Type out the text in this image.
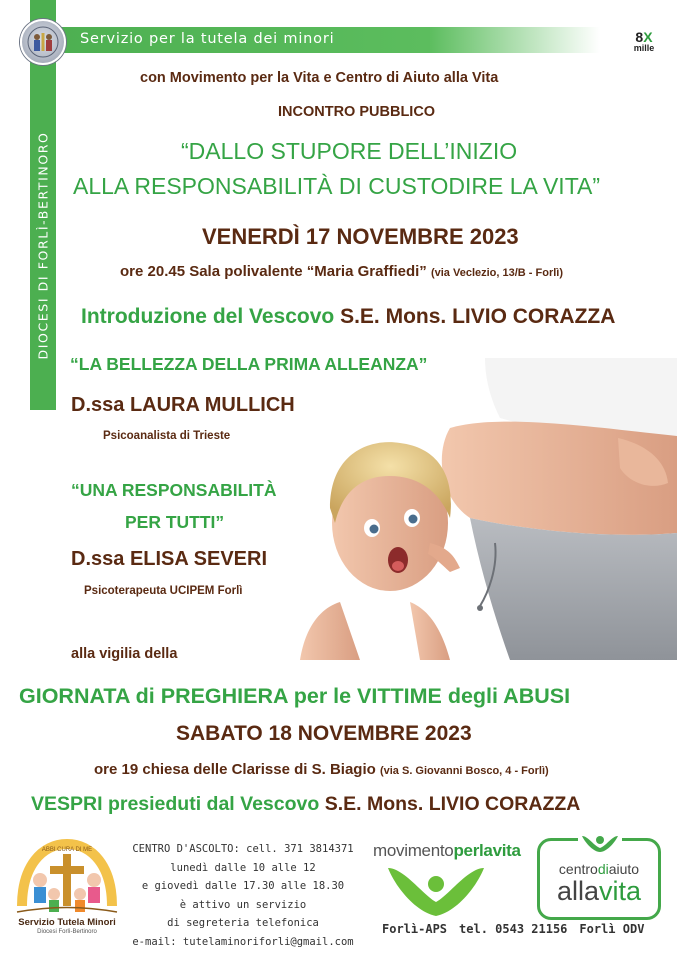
Servizio per la tutela dei minori
DIOCESI DI FORLÌ-BERTINORO
8X
mille
con Movimento per la Vita e Centro di Aiuto alla Vita
INCONTRO PUBBLICO
“DALLO STUPORE DELL’INIZIO
ALLA RESPONSABILITÀ DI CUSTODIRE LA VITA”
VENERDÌ 17 NOVEMBRE 2023
ore 20.45 Sala polivalente “Maria Graffiedi” (via Veclezio, 13/B - Forlì)
Introduzione del Vescovo S.E. Mons. LIVIO CORAZZA
“LA BELLEZZA DELLA PRIMA ALLEANZA”
D.ssa LAURA MULLICH
Psicoanalista di Trieste
“UNA RESPONSABILITÀ
PER TUTTI”
D.ssa ELISA SEVERI
Psicoterapeuta UCIPEM Forlì
alla vigilia della
GIORNATA di PREGHIERA per le VITTIME degli ABUSI
SABATO 18 NOVEMBRE 2023
ore 19 chiesa delle Clarisse di S. Biagio (via S. Giovanni Bosco, 4 - Forlì)
VESPRI presieduti dal Vescovo S.E. Mons. LIVIO CORAZZA
ABBI CURA DI ME
Servizio Tutela Minori
Diocesi Forlì-Bertinoro
CENTRO D'ASCOLTO: cell. 371 3814371
lunedì dalle 10 alle 12
e giovedì dalle 17.30 alle 18.30
è attivo un servizio
di segreteria telefonica
e-mail: tutelaminoriforli@gmail.com
movimentoperlavita
centrodiaiuto
allavita
Forlì-APS tel. 0543 21156 Forlì ODV
